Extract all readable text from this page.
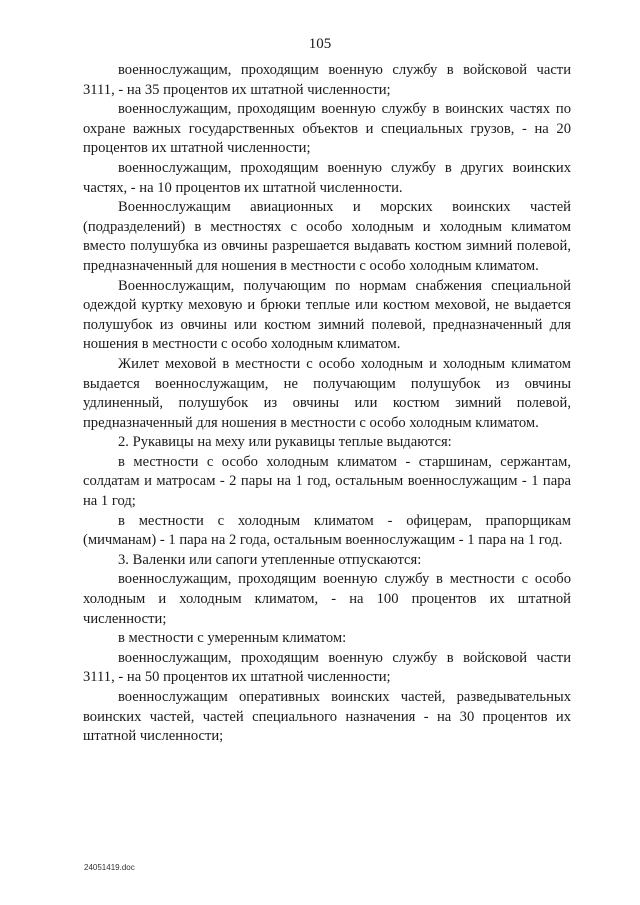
105

военнослужащим, проходящим военную службу в войсковой части 3111, - на 35 процентов их штатной численности;

военнослужащим, проходящим военную службу в воинских частях по охране важных государственных объектов и специальных грузов, - на 20 процентов их штатной численности;

военнослужащим, проходящим военную службу в других воинских частях, - на 10 процентов их штатной численности.

Военнослужащим авиационных и морских воинских частей (подразделений) в местностях с особо холодным и холодным климатом вместо полушубка из овчины разрешается выдавать костюм зимний полевой, предназначенный для ношения в местности с особо холодным климатом.

Военнослужащим, получающим по нормам снабжения специальной одеждой куртку меховую и брюки теплые или костюм меховой, не выдается полушубок из овчины или костюм зимний полевой, предназначенный для ношения в местности с особо холодным климатом.

Жилет меховой в местности с особо холодным и холодным климатом выдается военнослужащим, не получающим полушубок из овчины удлиненный, полушубок из овчины или костюм зимний полевой, предназначенный для ношения в местности с особо холодным климатом.

2. Рукавицы на меху или рукавицы теплые выдаются:

в местности с особо холодным климатом - старшинам, сержантам, солдатам и матросам - 2 пары на 1 год, остальным военнослужащим - 1 пара на 1 год;

в местности с холодным климатом - офицерам, прапорщикам (мичманам) - 1 пара на 2 года, остальным военнослужащим - 1 пара на 1 год.

3. Валенки или сапоги утепленные отпускаются:

военнослужащим, проходящим военную службу в местности с особо холодным и холодным климатом, - на 100 процентов их штатной численности;

в местности с умеренным климатом:

военнослужащим, проходящим военную службу в войсковой части 3111, - на 50 процентов их штатной численности;

военнослужащим оперативных воинских частей, разведывательных воинских частей, частей специального назначения - на 30 процентов их штатной численности;

24051419.doc
